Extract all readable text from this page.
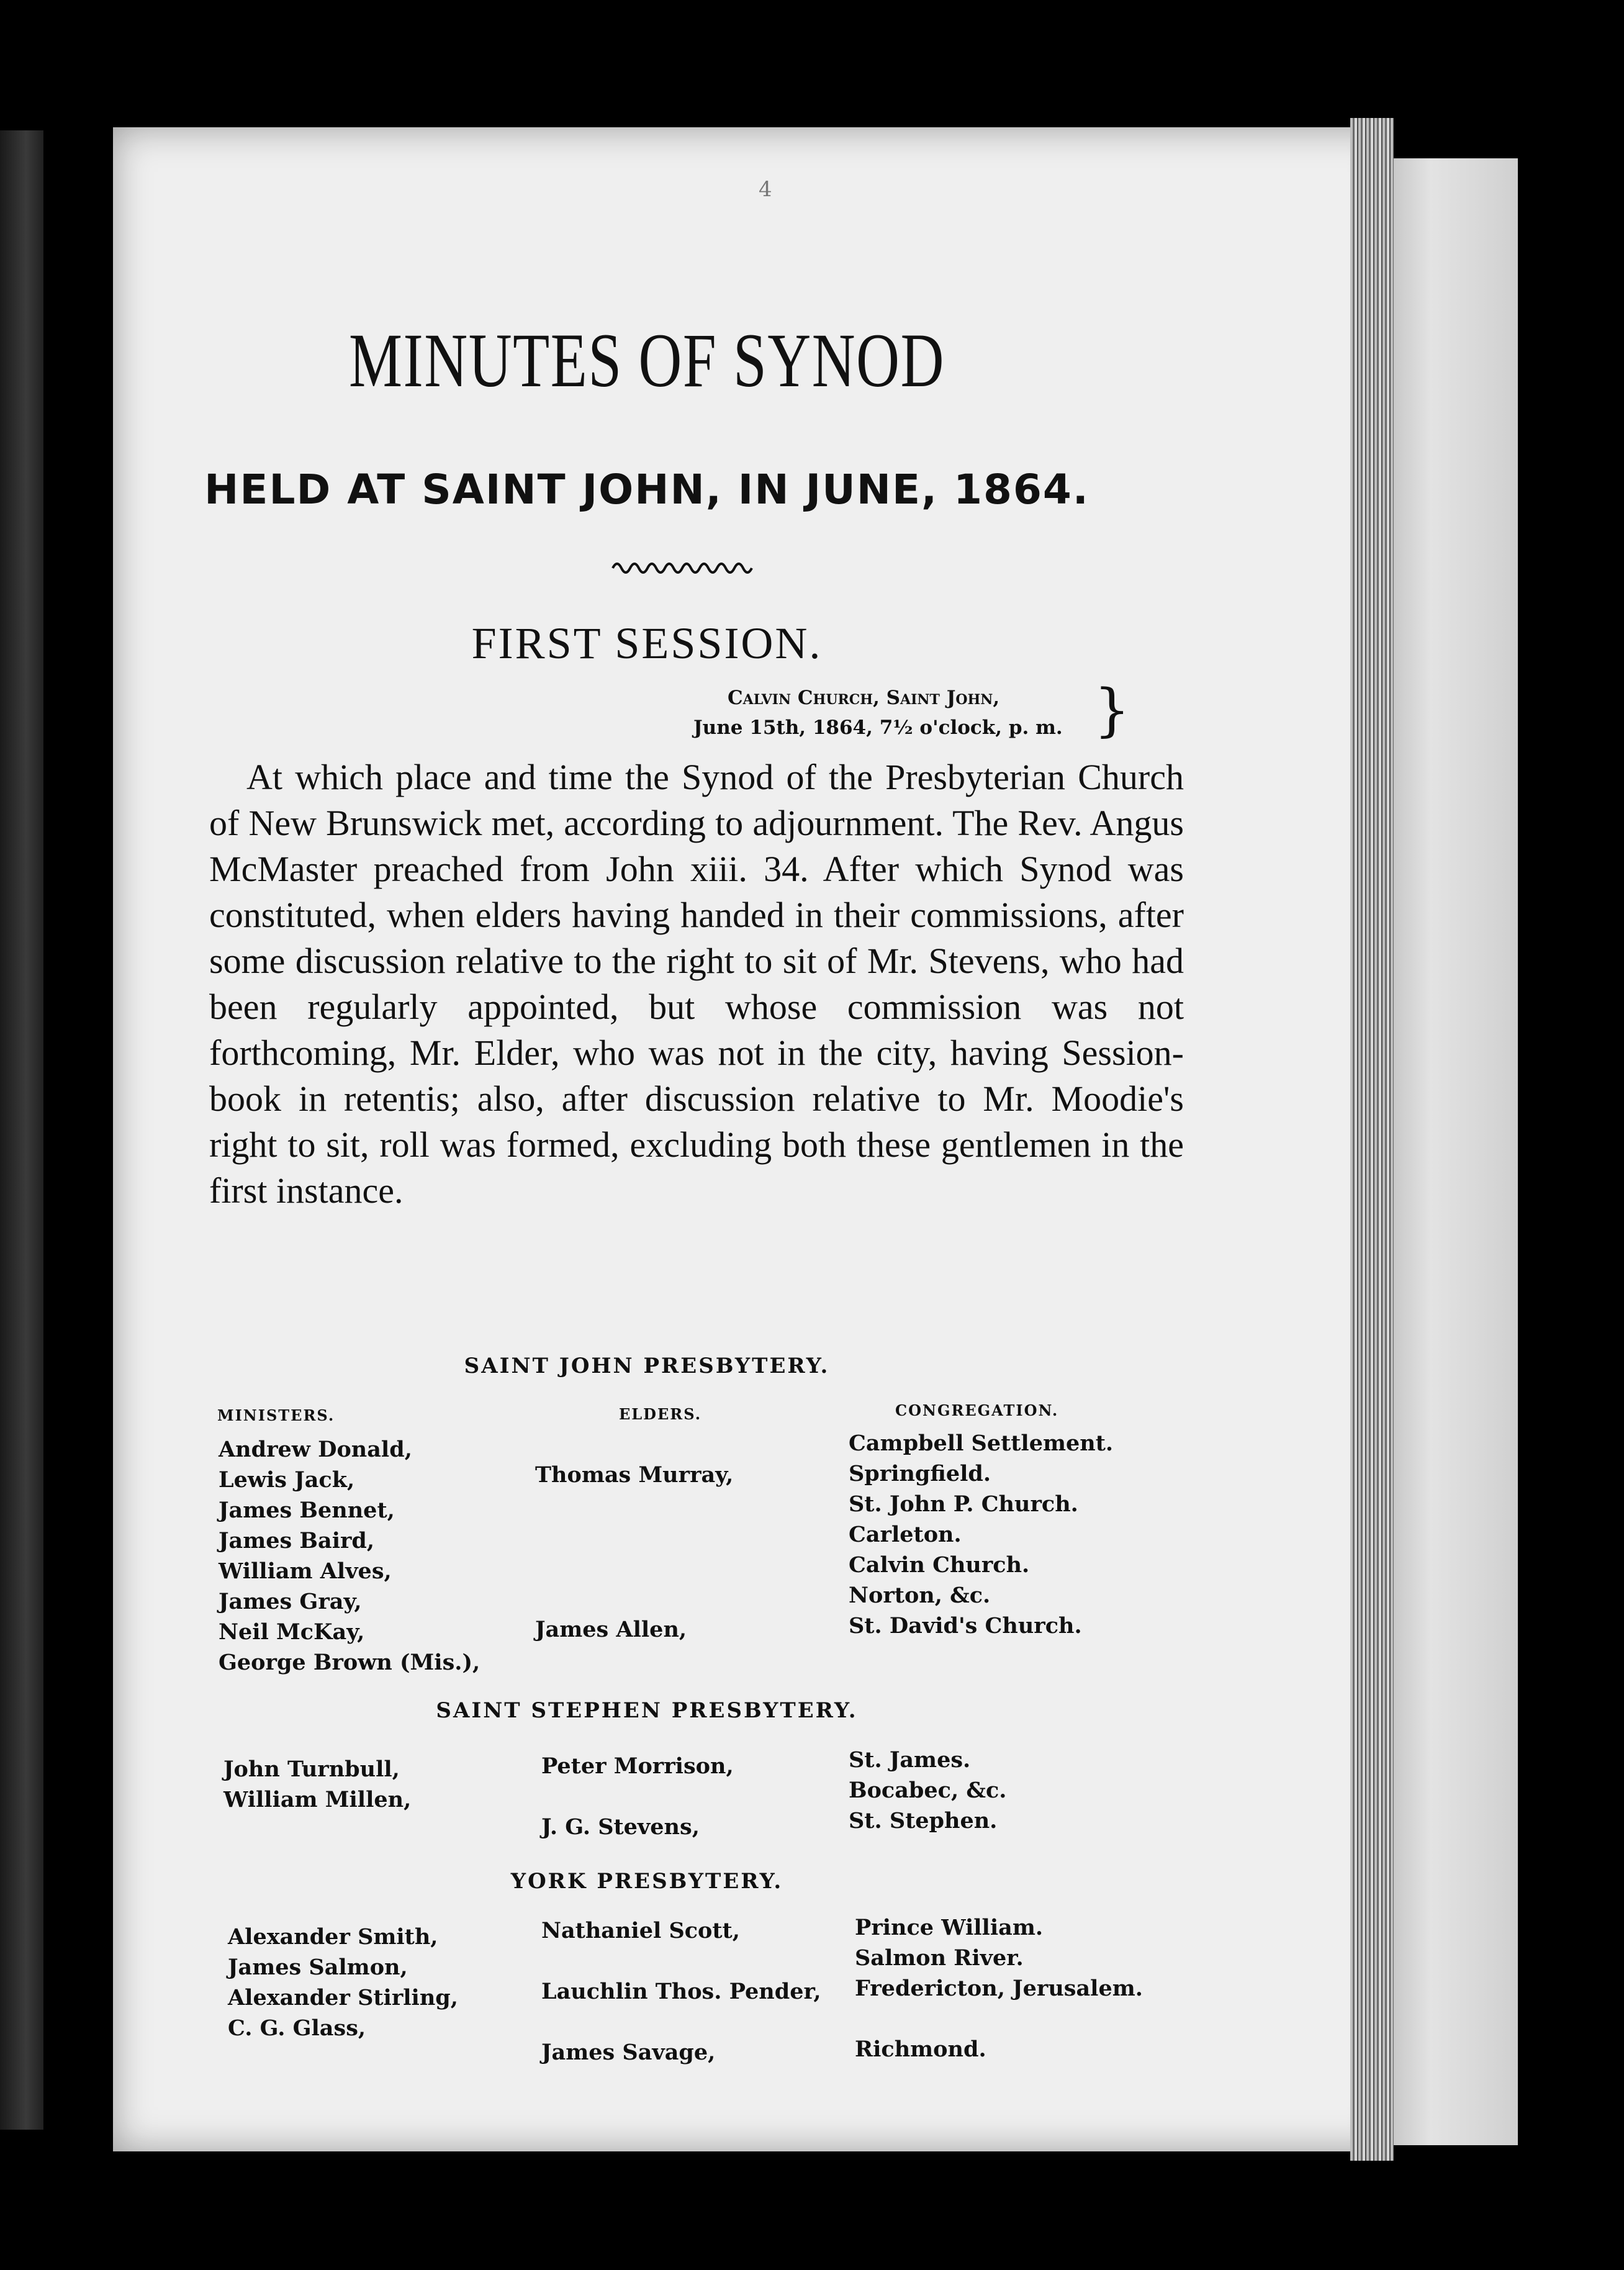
4
MINUTES OF SYNOD
HELD AT SAINT JOHN, IN JUNE, 1864.
FIRST SESSION.
Calvin Church, Saint John,
June 15th, 1864, 7½ o'clock, p. m. }
At which place and time the Synod of the Presbyterian Church of New Brunswick met, according to adjournment. The Rev. Angus McMaster preached from John xiii. 34. After which Synod was constituted, when elders having handed in their commissions, after some discussion relative to the right to sit of Mr. Stevens, who had been regularly appointed, but whose commission was not forthcoming, Mr. Elder, who was not in the city, having Session-book in retentis; also, after discussion relative to Mr. Moodie's right to sit, roll was formed, excluding both these gentlemen in the first instance.
SAINT JOHN PRESBYTERY.
MINISTERS.	ELDERS.	CONGREGATION.
Andrew Donald,
Lewis Jack,
James Bennet,
James Baird,
William Alves,
James Gray,
Neil McKay,
George Brown (Mis.),
Thomas Murray,
James Allen,
Campbell Settlement.
Springfield.
St. John P. Church.
Carleton.
Calvin Church.
Norton, &c.
St. David's Church.
SAINT STEPHEN PRESBYTERY.
John Turnbull,
William Millen,
Peter Morrison,
J. G. Stevens,
St. James.
Bocabec, &c.
St. Stephen.
YORK PRESBYTERY.
Alexander Smith,
James Salmon,
Alexander Stirling,
C. G. Glass,
Nathaniel Scott,
Lauchlin Thos. Pender,
James Savage,
Prince William.
Salmon River.
Fredericton, Jerusalem.
Richmond.
